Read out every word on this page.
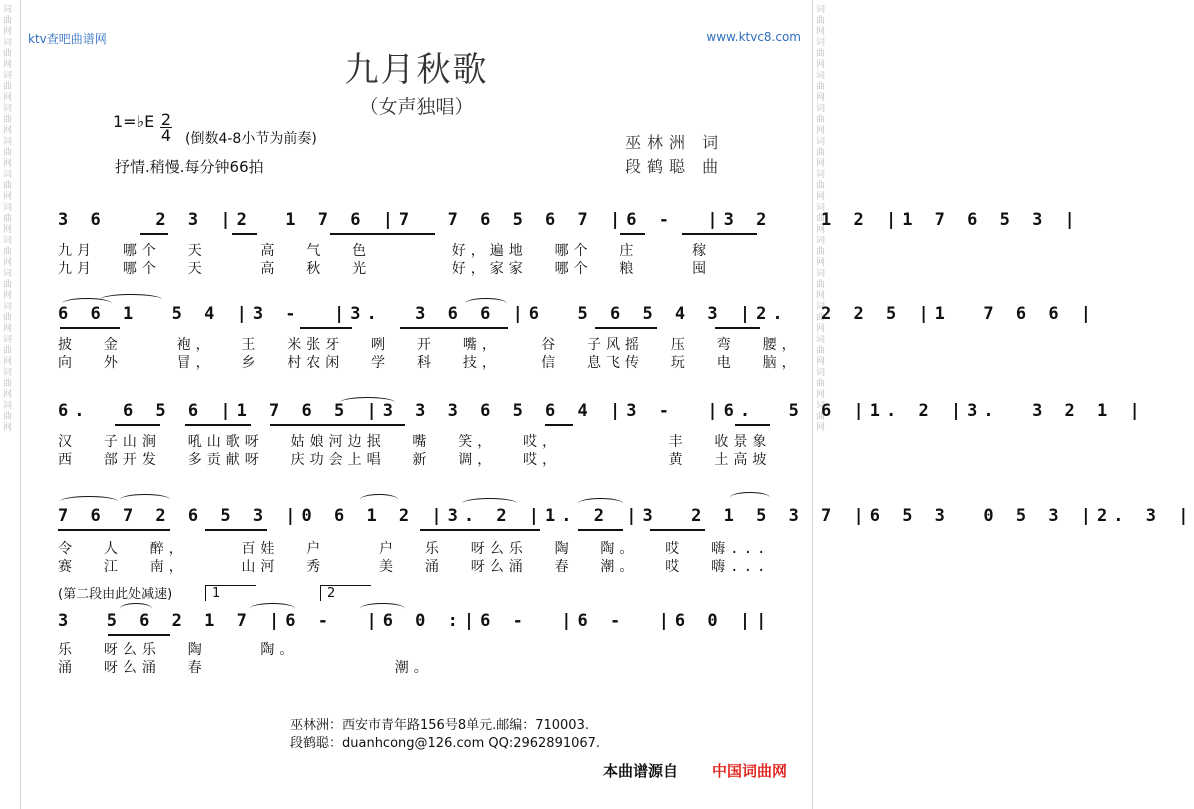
词曲网词曲网词曲网词曲网词曲网词曲网词曲网词曲网词曲网词曲网词曲网词曲网词曲网	词曲网词曲网词曲网词曲网词曲网词曲网词曲网词曲网词曲网词曲网词曲网词曲网词曲网
ktv查吧曲谱网	www.ktvc8.com
九月秋歌
（女声独唱）
1=♭E 2
4 (倒数4-8小节为前奏)
抒情.稍慢.每分钟66拍
巫林洲 词
段鹤聪 曲
3 6   2 3 |2  1 7 6 |7  7 6 5 6 7 |6 -  |3 2   1 2 |1 7 6 5 3 |
九月  哪个  天    高  气  色      好，遍地  哪个  庄    稼
九月  哪个  天    高  秋  光      好，家家  哪个  粮    囤
6 6 1  5 4 |3 -  |3.  3 6 6 |6  5 6 5 4 3 |2.  2 2 5 |1  7 6 6 |
披  金    袍，  王  米张牙  咧  开  嘴，   谷  子风摇  压  弯  腰，
向  外    冒，  乡  村农闲  学  科  技，   信  息飞传  玩  电  脑，
6.  6 5 6 |1 7 6 5 |3 3 3 6 5 6 4 |3 -  |6.  5 6 |1. 2 |3.  3 2 1 |
汉  子山涧  吼山歌呀  姑娘河边抿  嘴  笑，  哎，        丰  收景象
西  部开发  多贡献呀  庆功会上唱  新  调，  哎，        黄  土高坡
7 6 7 2 6 5 3 |0 6 1 2 |3. 2 |1. 2 |3  2 1 5 3 7 |6 5 3  0 5 3 |2. 3 |
令  人  醉，    百娃  户    户  乐  呀么乐  陶  陶。  哎  嗨...
赛  江  南，    山河  秀    美  涌  呀么涌  春  潮。  哎  嗨...
(第二段由此处减速)	1	2
3  5 6 2 1 7 |6 -  |6 0 :|6 -  |6 -  |6 0 ||
乐  呀么乐  陶    陶。
涌  呀么涌  春              潮。
巫林洲：西安市青年路156号8单元.邮编：710003.
段鹤聪：duanhcong@126.com QQ:2962891067.
本曲谱源自 中国词曲网
